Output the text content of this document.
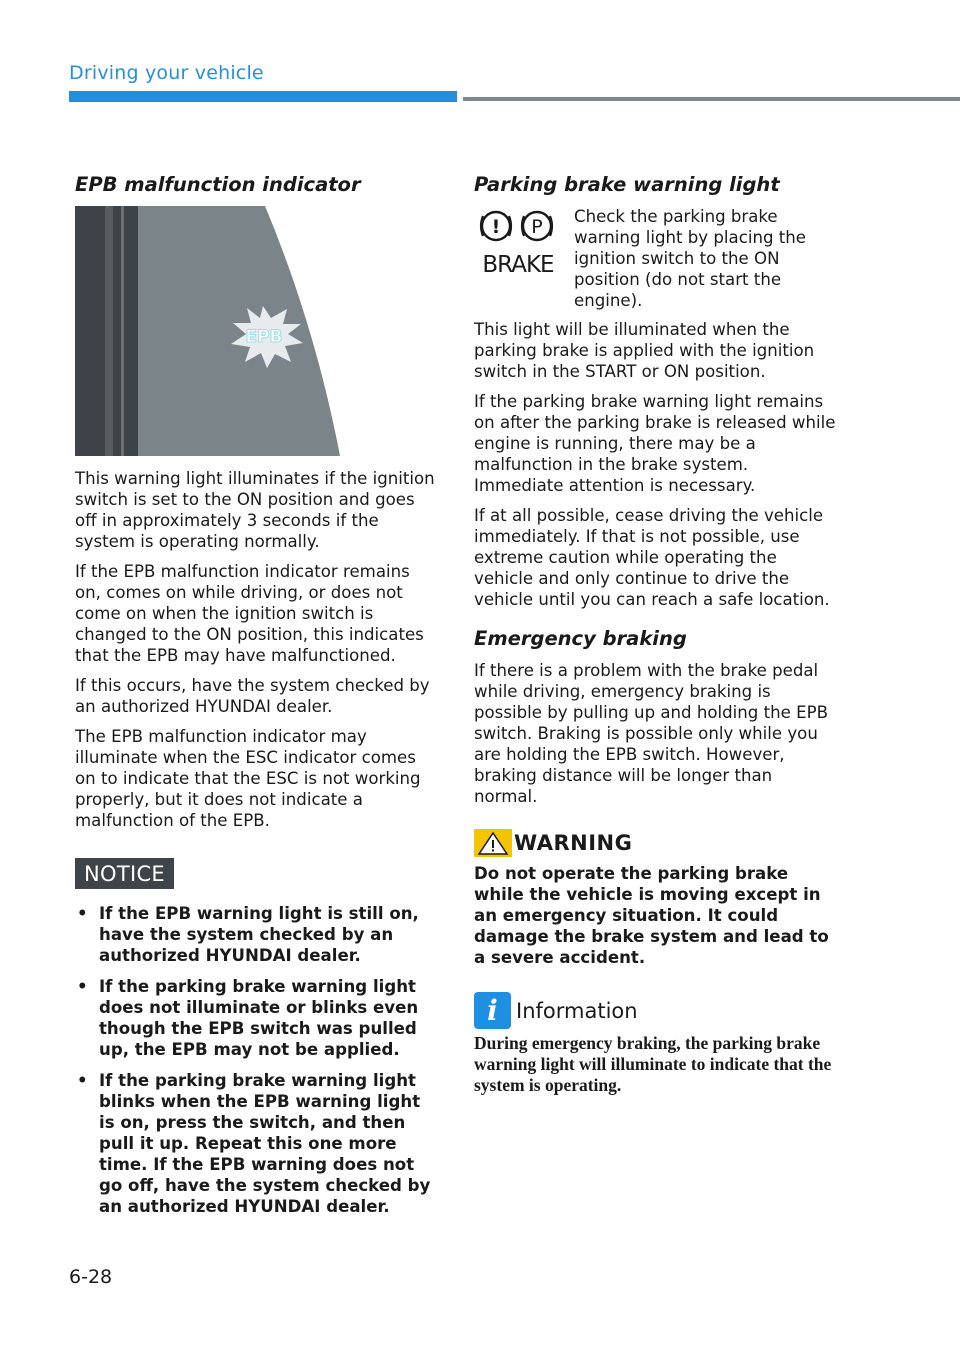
Driving your vehicle
EPB malfunction indicator
EPB
OCN7060015

This warning light illuminates if the ignition switch is set to the ON position and goes off in approximately 3 seconds if the system is operating normally.

If the EPB malfunction indicator remains on, comes on while driving, or does not come on when the ignition switch is changed to the ON position, this indicates that the EPB may have malfunctioned.

If this occurs, have the system checked by an authorized HYUNDAI dealer.

The EPB malfunction indicator may illuminate when the ESC indicator comes on to indicate that the ESC is not working properly, but it does not indicate a malfunction of the EPB.

NOTICE
• If the EPB warning light is still on, have the system checked by an authorized HYUNDAI dealer.
• If the parking brake warning light does not illuminate or blinks even though the EPB switch was pulled up, the EPB may not be applied.
• If the parking brake warning light blinks when the EPB warning light is on, press the switch, and then pull it up. Repeat this one more time. If the EPB warning does not go off, have the system checked by an authorized HYUNDAI dealer.
Parking brake warning light
! P
BRAKE
Check the parking brake warning light by placing the ignition switch to the ON position (do not start the engine).

This light will be illuminated when the parking brake is applied with the ignition switch in the START or ON position.

If the parking brake warning light remains on after the parking brake is released while engine is running, there may be a malfunction in the brake system. Immediate attention is necessary.

If at all possible, cease driving the vehicle immediately. If that is not possible, use extreme caution while operating the vehicle and only continue to drive the vehicle until you can reach a safe location.

Emergency braking

If there is a problem with the brake pedal while driving, emergency braking is possible by pulling up and holding the EPB switch. Braking is possible only while you are holding the EPB switch. However, braking distance will be longer than normal.

WARNING
Do not operate the parking brake while the vehicle is moving except in an emergency situation. It could damage the brake system and lead to a severe accident.
i Information
During emergency braking, the parking brake warning light will illuminate to indicate that the system is operating.
6-28
